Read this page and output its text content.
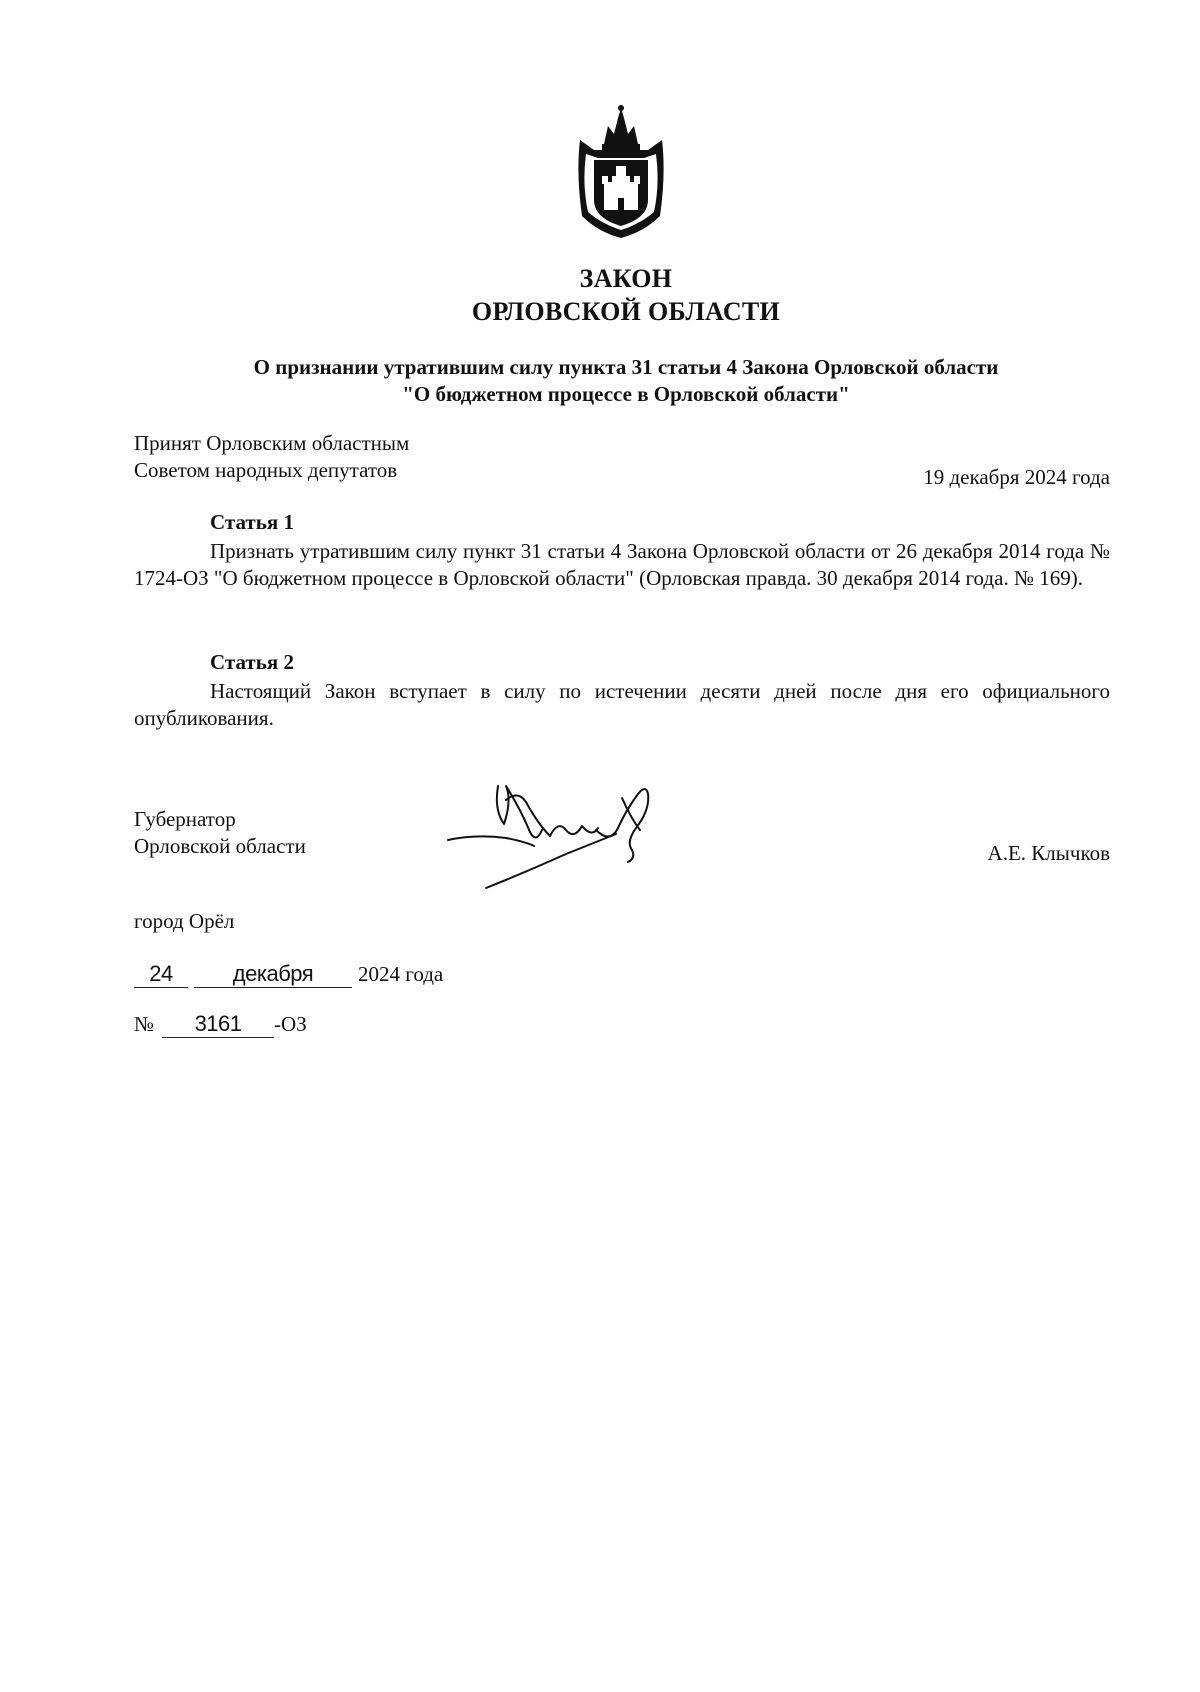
ЗАКОН
ОРЛОВСКОЙ ОБЛАСТИ
О признании утратившим силу пункта 31 статьи 4 Закона Орловской области
"О бюджетном процессе в Орловской области"
Принят Орловским областным
Советом народных депутатов	19 декабря 2024 года
Статья 1
Признать утратившим силу пункт 31 статьи 4 Закона Орловской области от 26 декабря 2014 года № 1724-ОЗ "О бюджетном процессе в Орловской области" (Орловская правда. 30 декабря 2014 года. № 169).
Статья 2
Настоящий Закон вступает в силу по истечении десяти дней после дня его официального опубликования.
Губернатор
Орловской области	А.Е. Клычков
город Орёл
24	декабря	2024 года
№	3161	-ОЗ
